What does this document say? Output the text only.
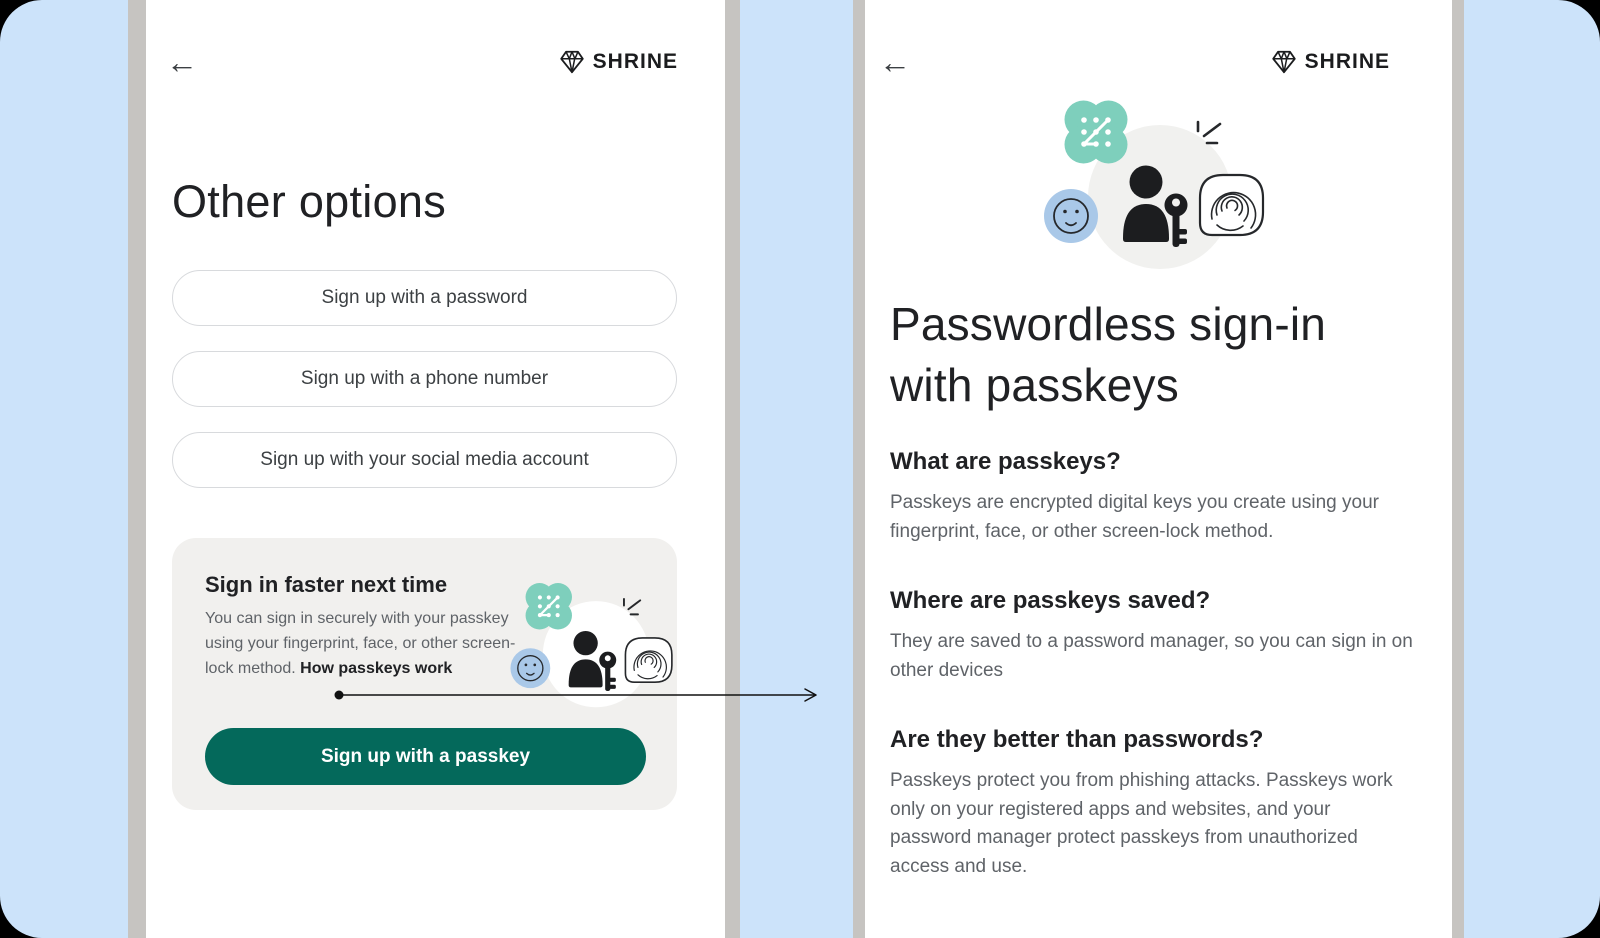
←	SHRINE
Other options
Sign up with a password
Sign up with a phone number
Sign up with your social media account
Sign in faster next time

You can sign in securely with your passkey using your fingerprint, face, or other screen-lock method. How passkeys work

Sign up with a passkey
←	SHRINE
Passwordless sign-in with passkeys
What are passkeys?

Passkeys are encrypted digital keys you create using your fingerprint, face, or other screen-lock method.

Where are passkeys saved?

They are saved to a password manager, so you can sign in on other devices

Are they better than passwords?

Passkeys protect you from phishing attacks. Passkeys work only on your registered apps and websites, and your password manager protect passkeys from unauthorized access and use.
